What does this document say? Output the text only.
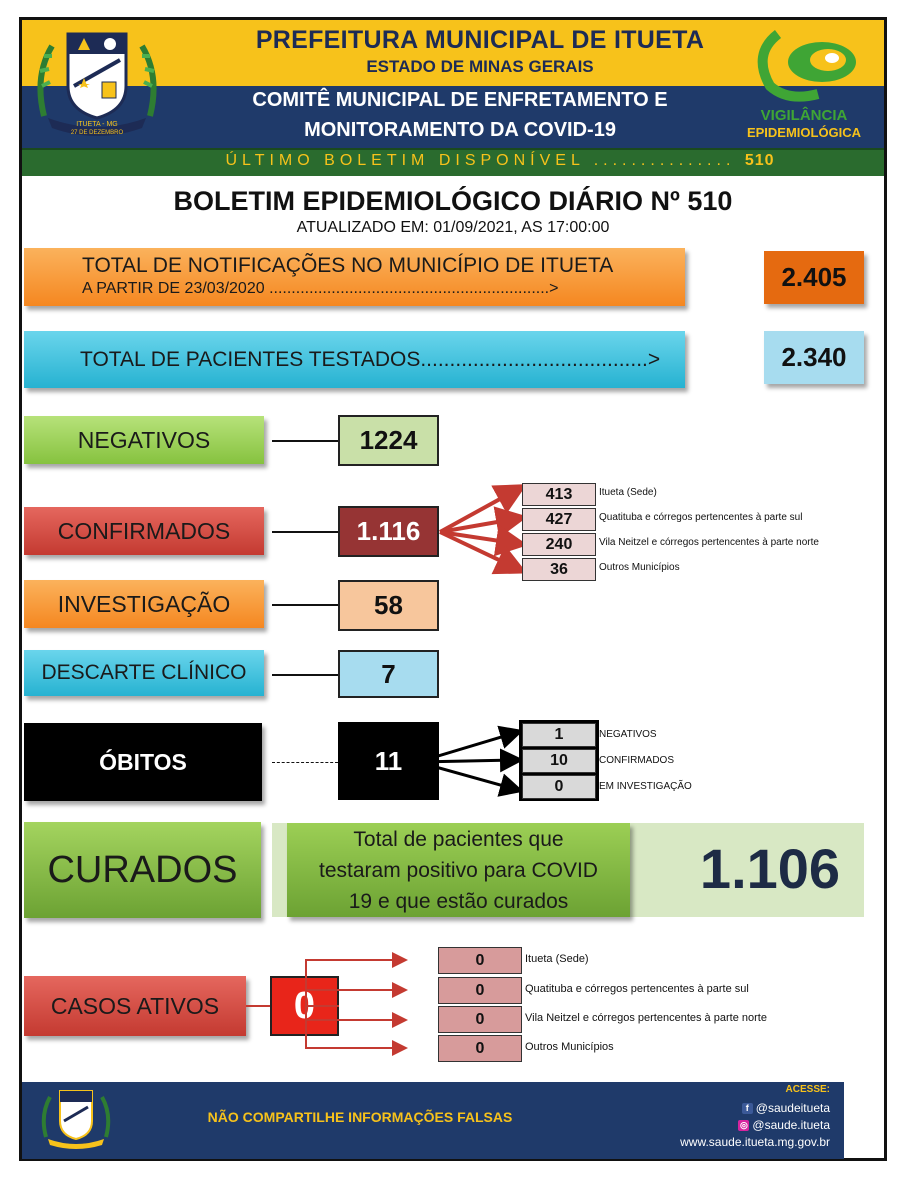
ITUETA - MG
27 DE DEZEMBRO
PREFEITURA MUNICIPAL DE ITUETA
ESTADO DE MINAS GERAIS
COMITÊ MUNICIPAL DE ENFRETAMENTO E
MONITORAMENTO DA COVID-19
ÚLTIMO BOLETIM DISPONÍVEL ............... 510
VIGILÂNCIA
EPIDEMIOLÓGICA
BOLETIM EPIDEMIOLÓGICO DIÁRIO Nº 510
ATUALIZADO EM: 01/09/2021, AS 17:00:00
TOTAL DE NOTIFICAÇÕES NO MUNICÍPIO DE ITUETA
A PARTIR DE 23/03/2020 ...............................................................>	2.405
TOTAL DE PACIENTES TESTADOS.......................................>	2.340
NEGATIVOS	1224
CONFIRMADOS	1.116
413	Itueta (Sede)
427	Quatituba e córregos pertencentes à parte sul
240	Vila Neitzel e córregos pertencentes à parte norte
36	Outros Municípios
INVESTIGAÇÃO	58
DESCARTE CLÍNICO	7
ÓBITOS	11
1	NEGATIVOS
10	CONFIRMADOS
0	EM INVESTIGAÇÃO
CURADOS
Total de pacientes que
testaram positivo para COVID
19 e que estão curados
1.106
CASOS ATIVOS	0
0	Itueta (Sede)
0	Quatituba e córregos pertencentes à parte sul
0	Vila Neitzel e córregos pertencentes à parte norte
0	Outros Municípios
NÃO COMPARTILHE INFORMAÇÕES FALSAS
ACESSE:
f @saudeitueta
◎ @saude.itueta
www.saude.itueta.mg.gov.br
